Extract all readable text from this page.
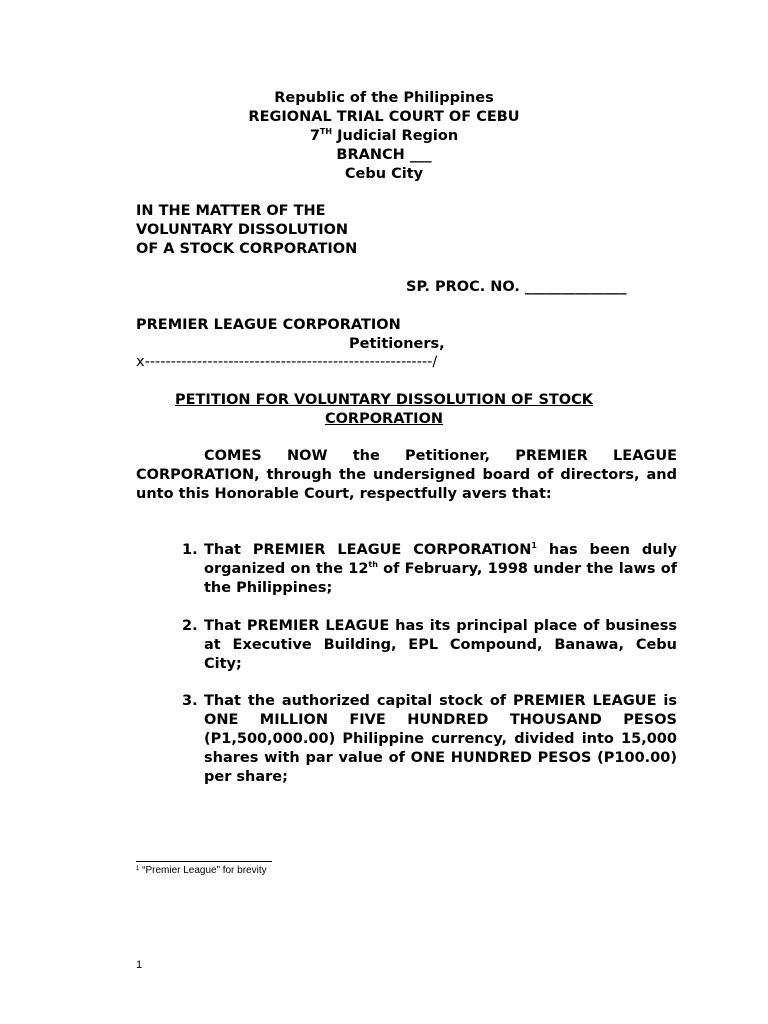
Republic of the Philippines
REGIONAL TRIAL COURT OF CEBU
7TH Judicial Region
BRANCH ___
Cebu City
IN THE MATTER OF THE
VOLUNTARY DISSOLUTION
OF A STOCK CORPORATION
SP. PROC. NO. ______________
PREMIER LEAGUE CORPORATION
Petitioners,
x-------------------------------------------------------/
PETITION FOR VOLUNTARY DISSOLUTION OF STOCK
CORPORATION
COMES NOW the Petitioner, PREMIER LEAGUE CORPORATION, through the undersigned board of directors, and unto this Honorable Court, respectfully avers that:
1. That PREMIER LEAGUE CORPORATION$^1$ has been duly organized on the 12th of February, 1998 under the laws of the Philippines;
2. That PREMIER LEAGUE has its principal place of business at Executive Building, EPL Compound, Banawa, Cebu City;
3. That the authorized capital stock of PREMIER LEAGUE is ONE MILLION FIVE HUNDRED THOUSAND PESOS (P1,500,000.00) Philippine currency, divided into 15,000 shares with par value of ONE HUNDRED PESOS (P100.00) per share;
$^1$ “Premier League” for brevity
1
